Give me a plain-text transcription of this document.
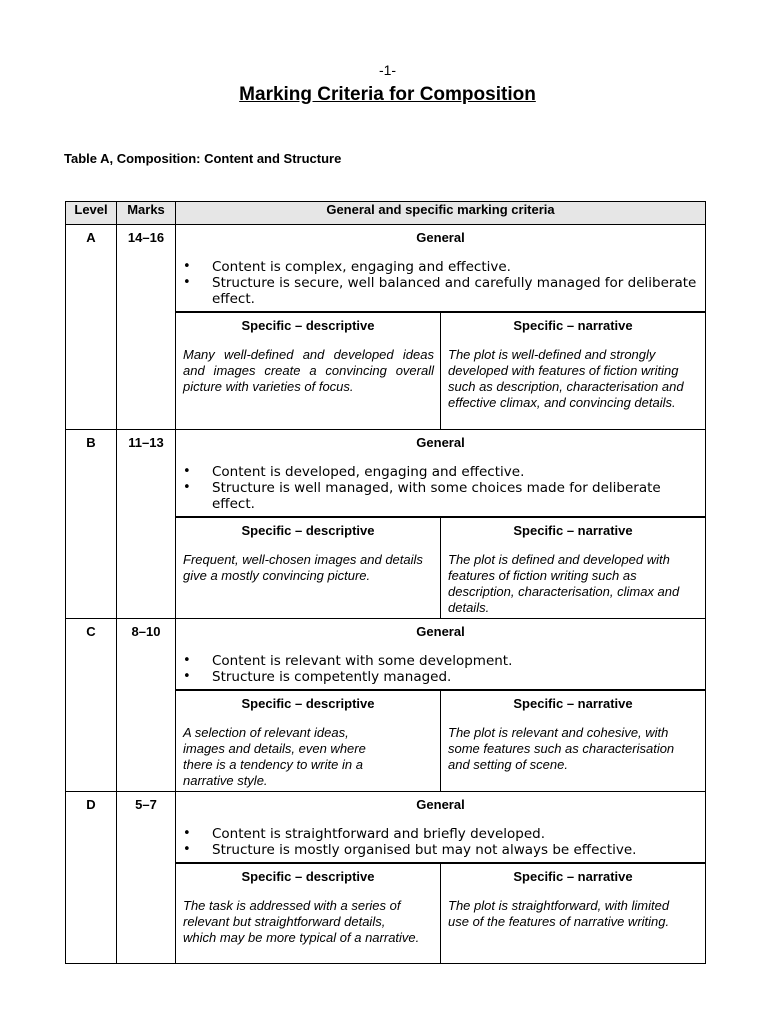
-1-
Marking Criteria for Composition
Table A, Composition: Content and Structure
Level	Marks	General and specific marking criteria

A	14–16	General
• Content is complex, engaging and effective.
• Structure is secure, well balanced and carefully managed for deliberate effect.

Specific – descriptive
Many well-defined and developed ideas and images create a convincing overall picture with varieties of focus.

Specific – narrative
The plot is well-defined and strongly developed with features of fiction writing such as description, characterisation and effective climax, and convincing details.

B	11–13	General
• Content is developed, engaging and effective.
• Structure is well managed, with some choices made for deliberate effect.

Specific – descriptive
Frequent, well-chosen images and details give a mostly convincing picture.

Specific – narrative
The plot is defined and developed with features of fiction writing such as description, characterisation, climax and details.

C	8–10	General
• Content is relevant with some development.
• Structure is competently managed.

Specific – descriptive
A selection of relevant ideas, images and details, even where there is a tendency to write in a narrative style.

Specific – narrative
The plot is relevant and cohesive, with some features such as characterisation and setting of scene.

D	5–7	General
• Content is straightforward and briefly developed.
• Structure is mostly organised but may not always be effective.

Specific – descriptive
The task is addressed with a series of relevant but straightforward details, which may be more typical of a narrative.

Specific – narrative
The plot is straightforward, with limited use of the features of narrative writing.
